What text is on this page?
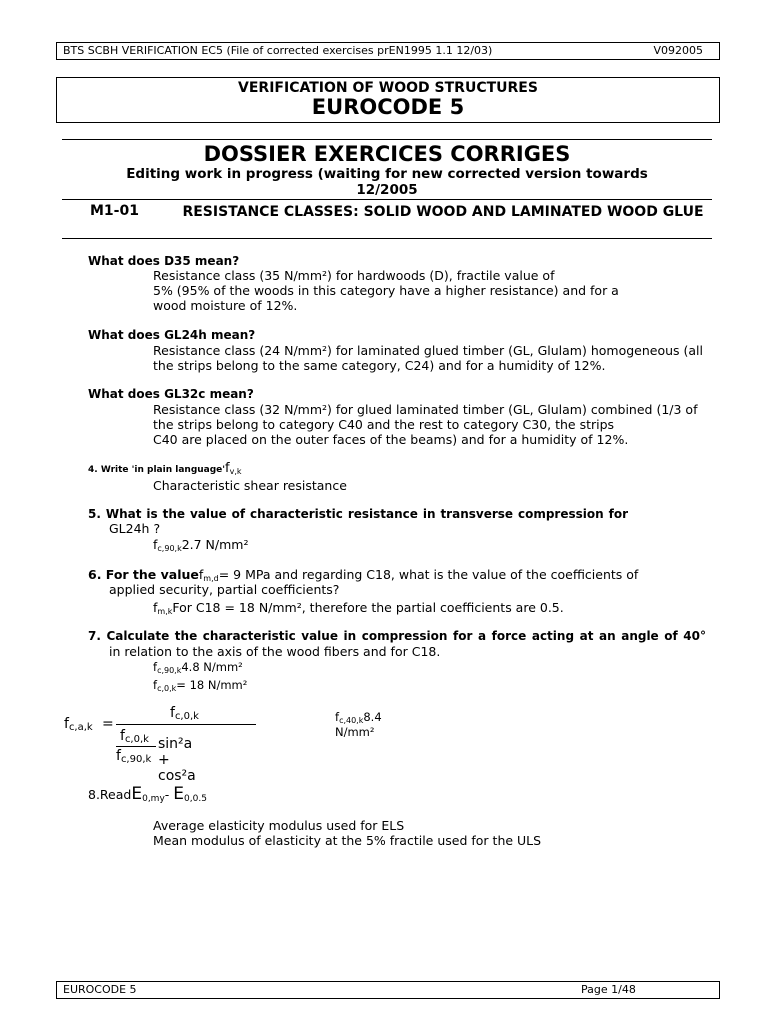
BTS SCBH VERIFICATION EC5 (File of corrected exercises prEN1995 1.1 12/03)	V092005
VERIFICATION OF WOOD STRUCTURES
EUROCODE 5
DOSSIER EXERCICES CORRIGES
Editing work in progress (waiting for new corrected version towards
12/2005
M1-01	RESISTANCE CLASSES: SOLID WOOD AND LAMINATED WOOD GLUE
What does D35 mean?
Resistance class (35 N/mm²) for hardwoods (D), fractile value of
5% (95% of the woods in this category have a higher resistance) and for a
wood moisture of 12%.
What does GL24h mean?
Resistance class (24 N/mm²) for laminated glued timber (GL, Glulam) homogeneous (all
the strips belong to the same category, C24) and for a humidity of 12%.
What does GL32c mean?
Resistance class (32 N/mm²) for glued laminated timber (GL, Glulam) combined (1/3 of
the strips belong to category C40 and the rest to category C30, the strips
C40 are placed on the outer faces of the beams) and for a humidity of 12%.
4. Write 'in plain language'fv,k
Characteristic shear resistance
5. What is the value of characteristic resistance in transverse compression for
GL24h ?
$f_{c,90,k}2.7$ N/mm²
6. For the valuef$_{m,d}$= 9 MPa and regarding C18, what is the value of the coefficients of
applied security, partial coefficients?
$f_{m,k}For$ C18 = 18 N/mm², therefore the partial coefficients are 0.5.
7. Calculate the characteristic value in compression for a force acting at an angle of 40°
in relation to the axis of the wood fibers and for C18.
$f_{c,90,k}4.8$ N/mm²
$f_{c,0,k}= 18$ N/mm²
$f_{c,a,k}$ =
$f_{c,0,k}$
$f_{c,0,k}$ sin²a + cos²a
$f_{c,90,k}$
$f_{c,40,k}8.4$ N/mm²
8.ReadE$_{0,my}$- $E_{0,0.5}$
Average elasticity modulus used for ELS
Mean modulus of elasticity at the 5% fractile used for the ULS
EUROCODE 5	Page 1/48
